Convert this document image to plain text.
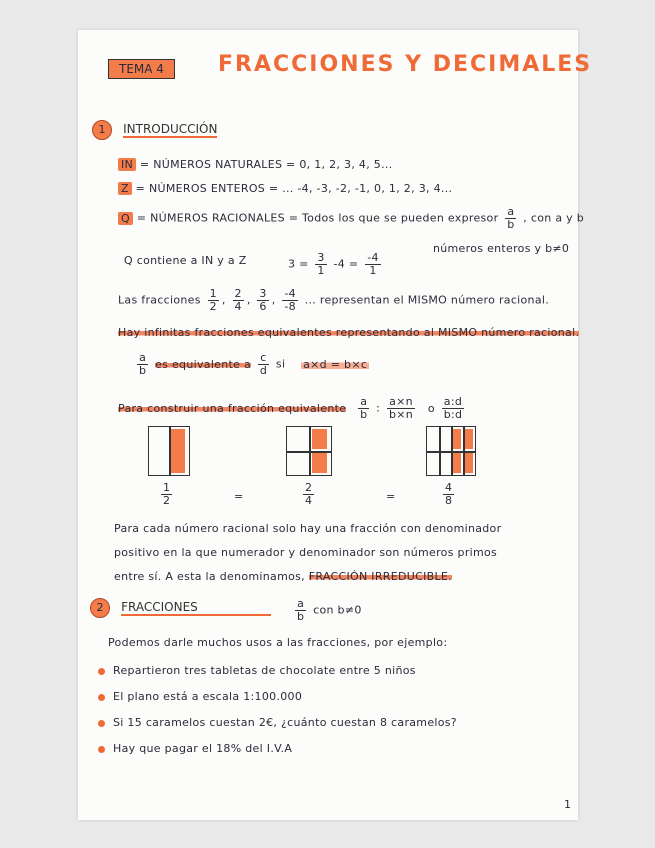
TEMA 4	FRACCIONES Y DECIMALES
1 INTRODUCCIÓN
IN = NÚMEROS NATURALES = 0, 1, 2, 3, 4, 5...
Z = NÚMEROS ENTEROS = ... -4, -3, -2, -1, 0, 1, 2, 3, 4...
Q = NÚMEROS RACIONALES = Todos los que se pueden expresor $\frac{a}{b}$ , con a y b
números enteros y b≠0
Q contiene a IN y a Z	$3 = \frac{3}{1} -4 = \frac{-4}{1}$
Las fracciones $\frac{1}{2}$ , $\frac{2}{4}$ , $\frac{3}{6}$ , $\frac{-4}{-8}$ ... representan el MISMO número racional.
Hay infinitas fracciones equivalentes representando al MISMO número racional.
$\frac{a}{b}$ es equivalente a $\frac{c}{d}$ si a×d = b×c
Para construir una fracción equivalente $\frac{a}{b}$ : $\frac{a\times n}{b\times n}$ o $\frac{a:d}{b:d}$
$\frac{1}{2}$	=	$\frac{2}{4}$	=	$\frac{4}{8}$
Para cada número racional solo hay una fracción con denominador
positivo en la que numerador y denominador son números primos
entre sí. A esta la denominamos, FRACCIÓN IRREDUCIBLE.
2 FRACCIONES	$\frac{a}{b}$ con b≠0
Podemos darle muchos usos a las fracciones, por ejemplo:
Repartieron tres tabletas de chocolate entre 5 niños
El plano está a escala 1:100.000
Si 15 caramelos cuestan 2€, ¿cuánto cuestan 8 caramelos?
Hay que pagar el 18% del I.V.A
1
